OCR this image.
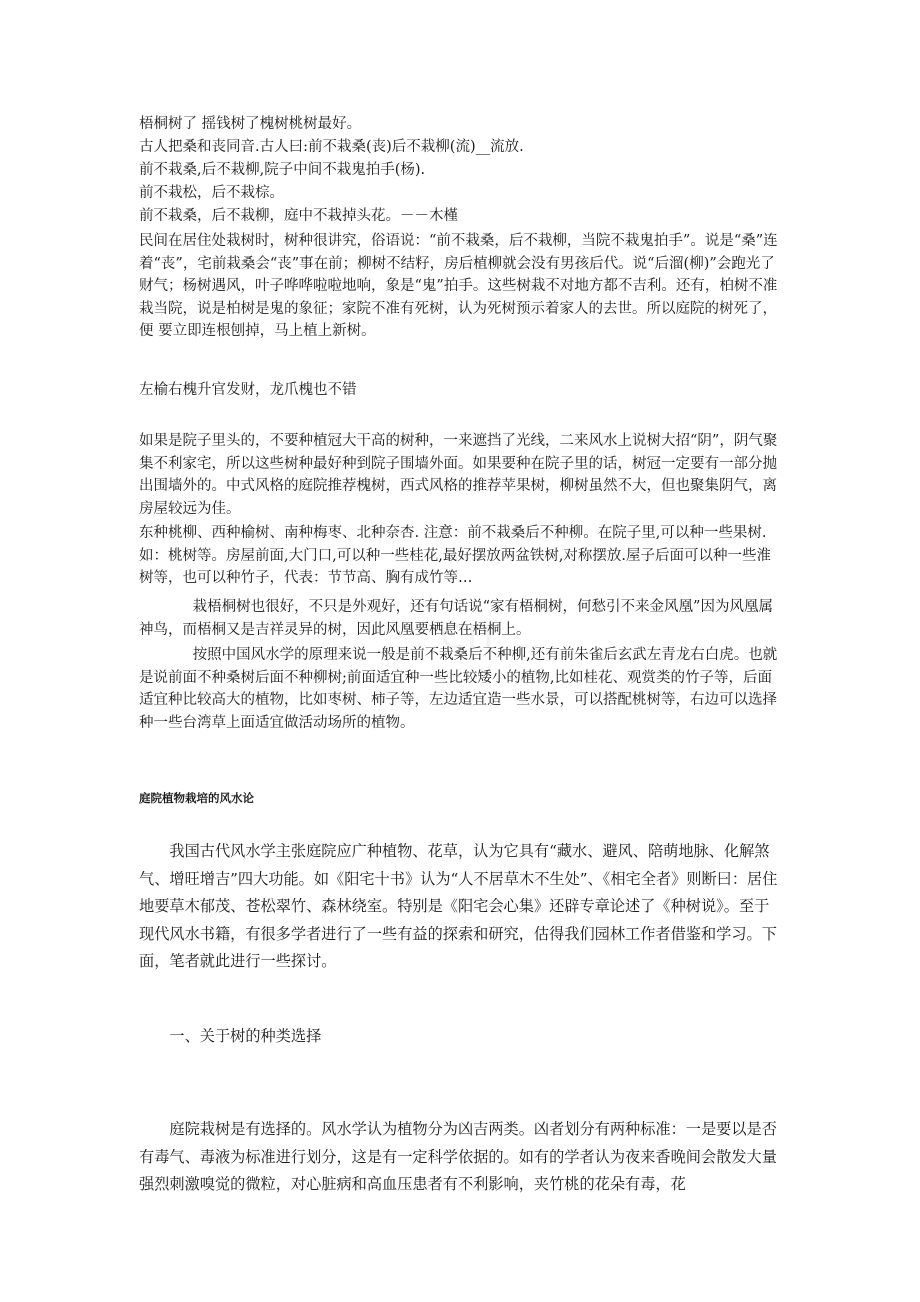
梧桐树了 摇钱树了槐树桃树最好。

古人把桑和丧同音.古人曰:前不栽桑(丧)后不栽柳(流)__流放.

前不栽桑,后不栽柳,院子中间不栽鬼拍手(杨).

前不栽松，后不栽棕。

前不栽桑，后不栽柳，庭中不栽掉头花。－－木槿

民间在居住处栽树时，树种很讲究，俗语说：“前不栽桑，后不栽柳，当院不栽鬼拍手”。说是“桑”连着“丧”，宅前栽桑会“丧”事在前；柳树不结籽，房后植柳就会没有男孩后代。说“后溜(柳)”会跑光了财气；杨树遇风，叶子哗哗啦啦地响，象是“鬼”拍手。这些树栽不对地方都不吉利。还有，柏树不准栽当院，说是柏树是鬼的象征；家院不准有死树，认为死树预示着家人的去世。所以庭院的树死了，便 要立即连根刨掉，马上植上新树。

左榆右槐升官发财，龙爪槐也不错

如果是院子里头的，不要种植冠大干高的树种，一来遮挡了光线，二来风水上说树大招“阴”，阴气聚集不利家宅，所以这些树种最好种到院子围墙外面。如果要种在院子里的话，树冠一定要有一部分抛出围墙外的。中式风格的庭院推荐槐树，西式风格的推荐苹果树，柳树虽然不大，但也聚集阴气，离房屋较远为佳。

东种桃柳、西种榆树、南种梅枣、北种奈杏. 注意：前不栽桑后不种柳。在院子里,可以种一些果树. 如：桃树等。房屋前面,大门口,可以种一些桂花,最好摆放两盆铁树,对称摆放.屋子后面可以种一些淮树等，也可以种竹子，代表：节节高、胸有成竹等…

栽梧桐树也很好，不只是外观好，还有句话说“家有梧桐树，何愁引不来金风凰”因为风凰属神鸟，而梧桐又是吉祥灵异的树，因此风凰要栖息在梧桐上。

按照中国风水学的原理来说一般是前不栽桑后不种柳,还有前朱雀后玄武左青龙右白虎。也就是说前面不种桑树后面不种柳树;前面适宜种一些比较矮小的植物,比如桂花、观赏类的竹子等，后面适宜种比较高大的植物，比如枣树、柿子等，左边适宜造一些水景，可以搭配桃树等，右边可以选择种一些台湾草上面适宜做活动场所的植物。

庭院植物栽培的风水论

我国古代风水学主张庭院应广种植物、花草，认为它具有“藏水、避风、陪萌地脉、化解煞气、增旺增吉”四大功能。如《阳宅十书》认为“人不居草木不生处”、《相宅全者》则断曰：居住地要草木郁茂、苍松翠竹、森林绕室。特别是《阳宅会心集》还辟专章论述了《种树说》。至于现代风水书籍，有很多学者进行了一些有益的探索和研究，估得我们园林工作者借鉴和学习。下面，笔者就此进行一些探讨。

一、关于树的种类选择

庭院栽树是有选择的。风水学认为植物分为凶吉两类。凶者划分有两种标准：一是要以是否有毒气、毒液为标准进行划分，这是有一定科学依据的。如有的学者认为夜来香晚间会散发大量强烈刺激嗅觉的微粒，对心脏病和高血压患者有不利影响，夹竹桃的花朵有毒，花
